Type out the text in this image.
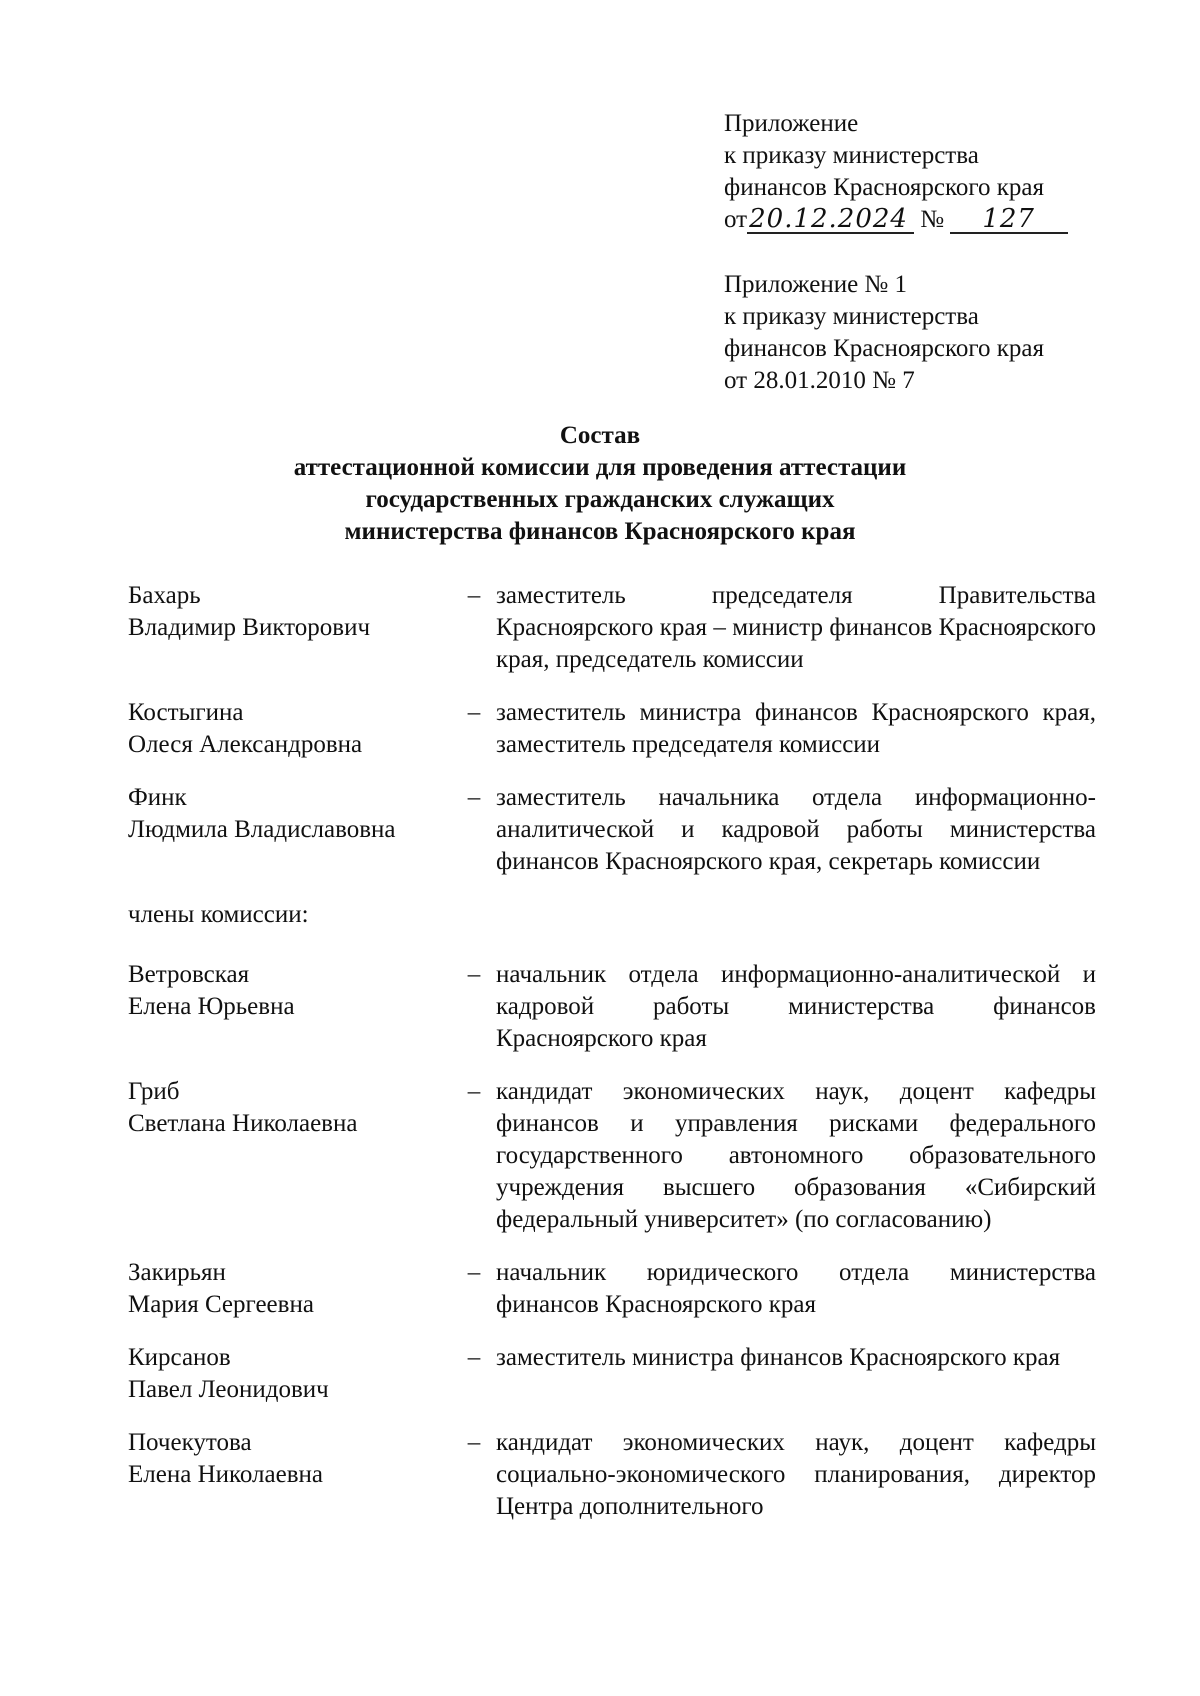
Приложение
к приказу министерства
финансов Красноярского края
от20.12.2024 № 127
Приложение № 1
к приказу министерства
финансов Красноярского края
от 28.01.2010 № 7
Состав
аттестационной комиссии для проведения аттестации
государственных гражданских служащих
министерства финансов Красноярского края
Бахарь
Владимир Викторович
– заместитель председателя Правительства Красноярского края – министр финансов Красноярского края, председатель комиссии
Костыгина
Олеся Александровна
– заместитель министра финансов Красноярского края, заместитель председателя комиссии
Финк
Людмила Владиславовна
– заместитель начальника отдела информационно-аналитической и кадровой работы министерства финансов Красноярского края, секретарь комиссии
члены комиссии:
Ветровская
Елена Юрьевна
– начальник отдела информационно-аналитической и кадровой работы министерства финансов Красноярского края
Гриб
Светлана Николаевна
– кандидат экономических наук, доцент кафедры финансов и управления рисками федерального государственного автономного образовательного учреждения высшего образования «Сибирский федеральный университет» (по согласованию)
Закирьян
Мария Сергеевна
– начальник юридического отдела министерства финансов Красноярского края
Кирсанов
Павел Леонидович
– заместитель министра финансов Красноярского края
Почекутова
Елена Николаевна
– кандидат экономических наук, доцент кафедры социально-экономического планирования, директор Центра дополнительного
